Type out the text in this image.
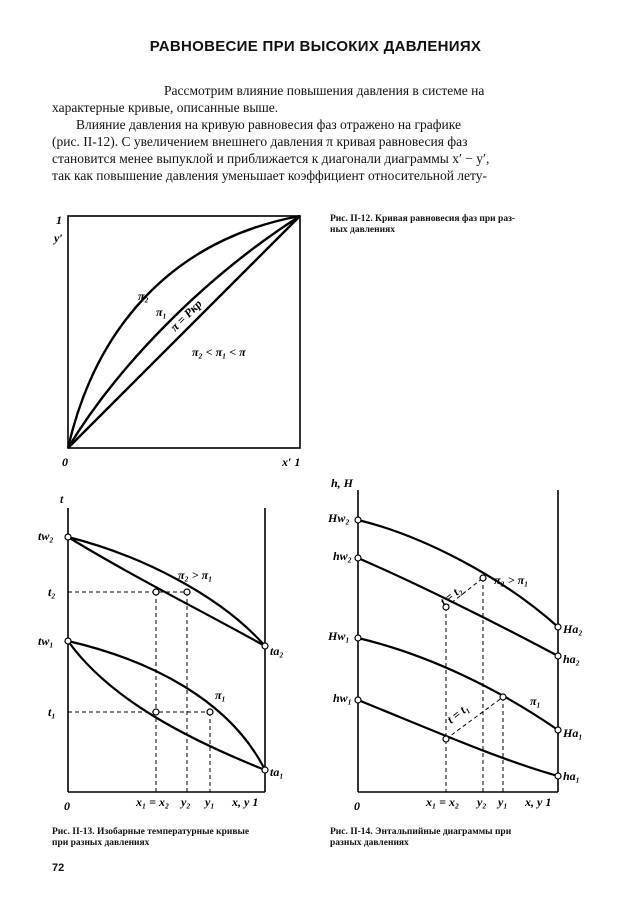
РАВНОВЕСИЕ ПРИ ВЫСОКИХ ДАВЛЕНИЯХ
Рассмотрим влияние повышения давления в системе на
характерные кривые, описанные выше.
Влияние давления на кривую равновесия фаз отражено на графике
(рис. II-12). С увеличением внешнего давления π кривая равновесия фаз
становится менее выпуклой и приближается к диагонали диаграммы x′ − y′,
так как повышение давления уменьшает коэффициент относительной лету-
1
y′
0	x′ 1
π₂
π₁ π = Pкр
π₂ < π₁ < π
Рис. II-12. Кривая равновесия фаз при раз-
ных давлениях
t
tw₂
t₂
tw₁
t₁
ta₂
ta₁
π₂ > π₁
π₁
0	x₁ = x₂ y₂ y₁ x, y 1
Рис. II-13. Изобарные температурные кривые
при разных давлениях
h, H
Hw₂
hw₂
Hw₁
hw₁
Ha₂
ha₂
Ha₁
ha₁
t = t₂
t = t₁
π₂ > π₁
π₁
0	x₁ = x₂ y₂ y₁ x, y 1
Рис. II-14. Энтальпийные диаграммы при
разных давлениях
72
